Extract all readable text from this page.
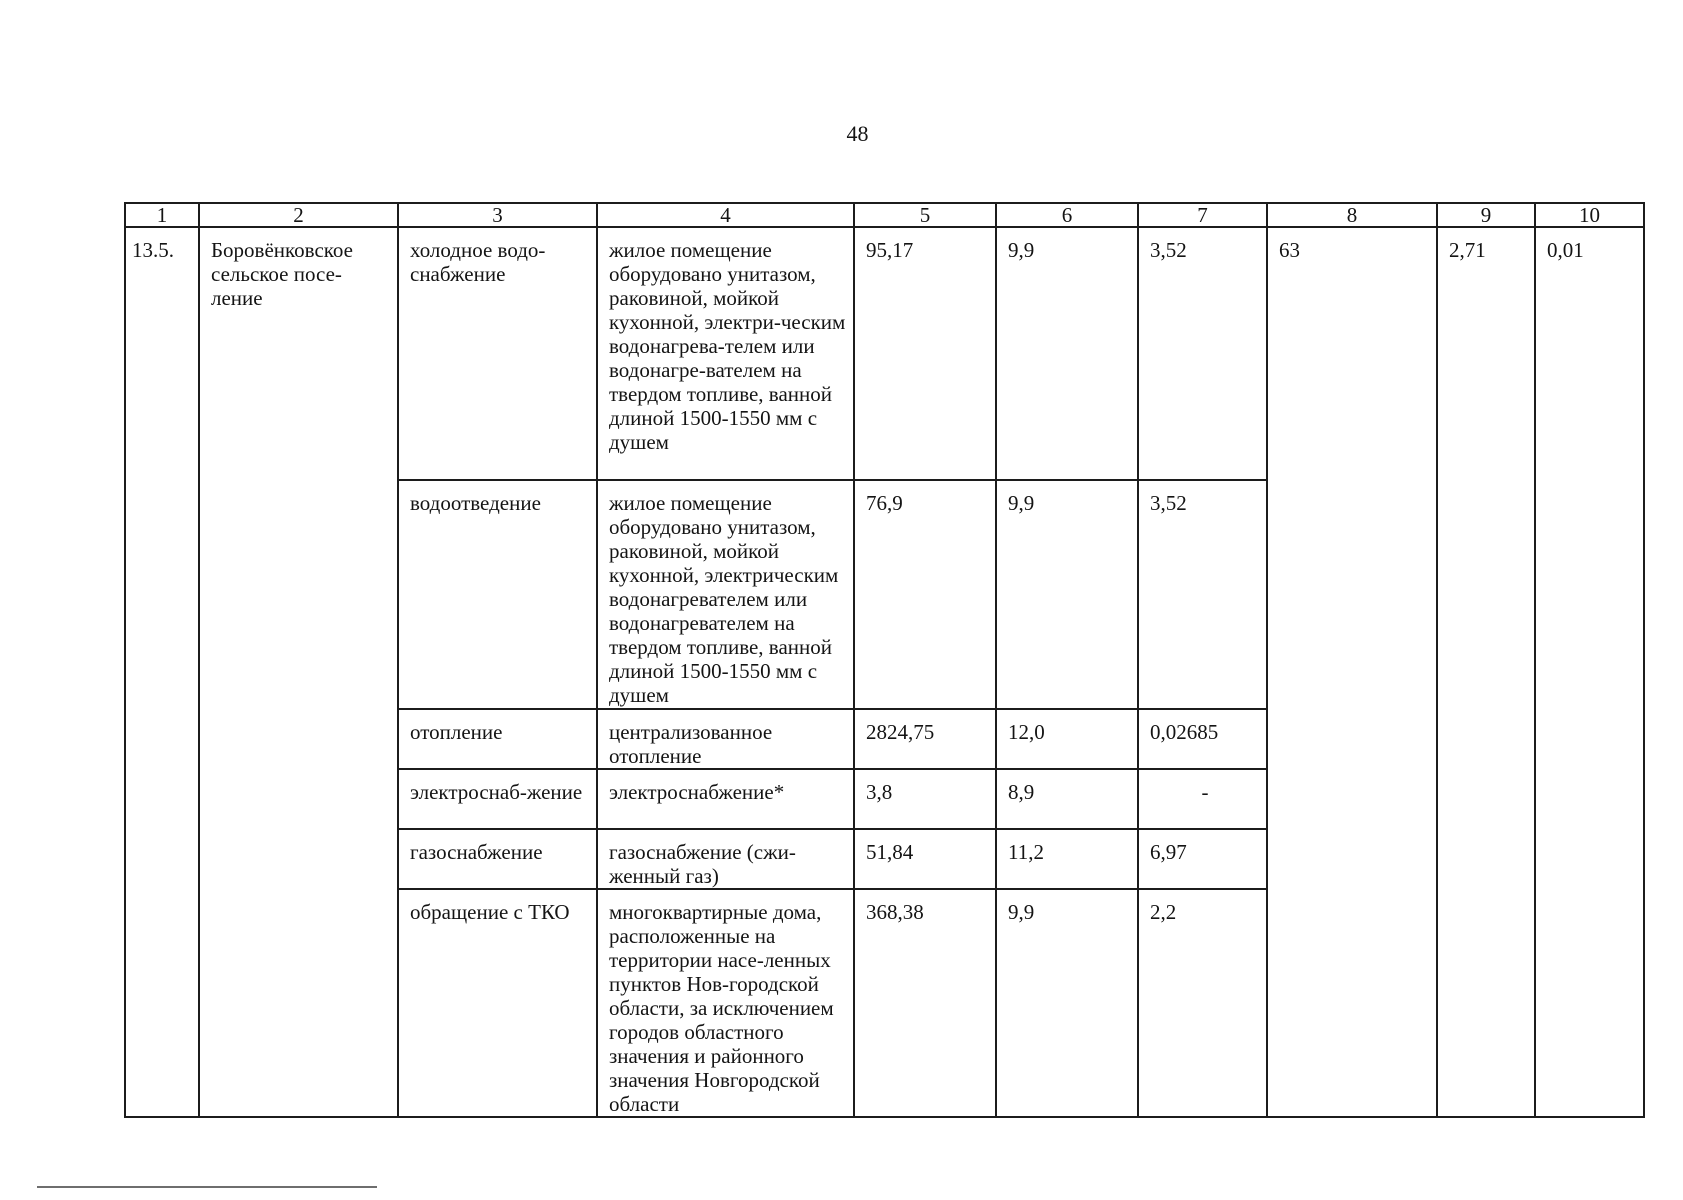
48
1	2	3	4	5	6	7	8	9	10

13.5.	Боровёнковское сельское посе-ление	холодное водо-снабжение	жилое помещение оборудовано унитазом, раковиной, мойкой кухонной, электри-ческим водонагрева-телем или водонагре-вателем на твердом топливе, ванной длиной 1500-1550 мм с душем	95,17	9,9	3,52	63	2,71	0,01

		водоотведение	жилое помещение оборудовано унитазом, раковиной, мойкой кухонной, электрическим водонагревателем или водонагревателем на твердом топливе, ванной длиной 1500-1550 мм с душем	76,9	9,9	3,52			

		отопление	централизованное отопление	2824,75	12,0	0,02685			

		электроснаб-жение	электроснабжение*	3,8	8,9	-			

		газоснабжение	газоснабжение (сжи-женный газ)	51,84	11,2	6,97			

		обращение с ТКО	многоквартирные дома, расположенные на территории насе-ленных пунктов Нов-городской области, за исключением городов областного значения и районного значения Новгородской области	368,38	9,9	2,2			
